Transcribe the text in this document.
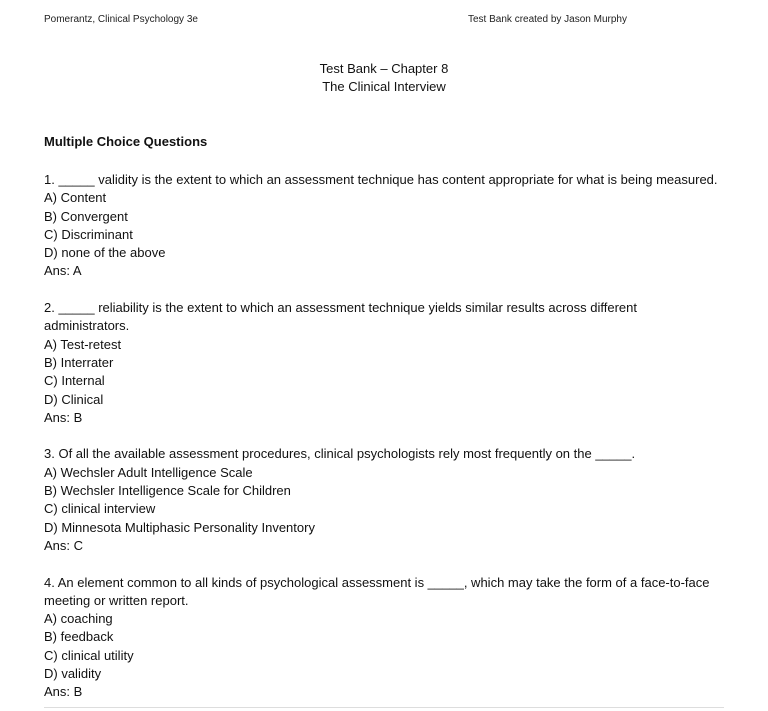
Pomerantz, Clinical Psychology 3e	Test Bank created by Jason Murphy
Test Bank – Chapter 8
The Clinical Interview
Multiple Choice Questions

1. _____ validity is the extent to which an assessment technique has content appropriate for what is being measured.

A) Content

B) Convergent

C) Discriminant

D) none of the above

Ans: A

2. _____ reliability is the extent to which an assessment technique yields similar results across different administrators.

A) Test-retest

B) Interrater

C) Internal

D) Clinical

Ans: B

3. Of all the available assessment procedures, clinical psychologists rely most frequently on the _____.

A) Wechsler Adult Intelligence Scale

B) Wechsler Intelligence Scale for Children

C) clinical interview

D) Minnesota Multiphasic Personality Inventory

Ans: C

4. An element common to all kinds of psychological assessment is _____, which may take the form of a face-to-face meeting or written report.

A) coaching

B) feedback

C) clinical utility

D) validity

Ans: B
